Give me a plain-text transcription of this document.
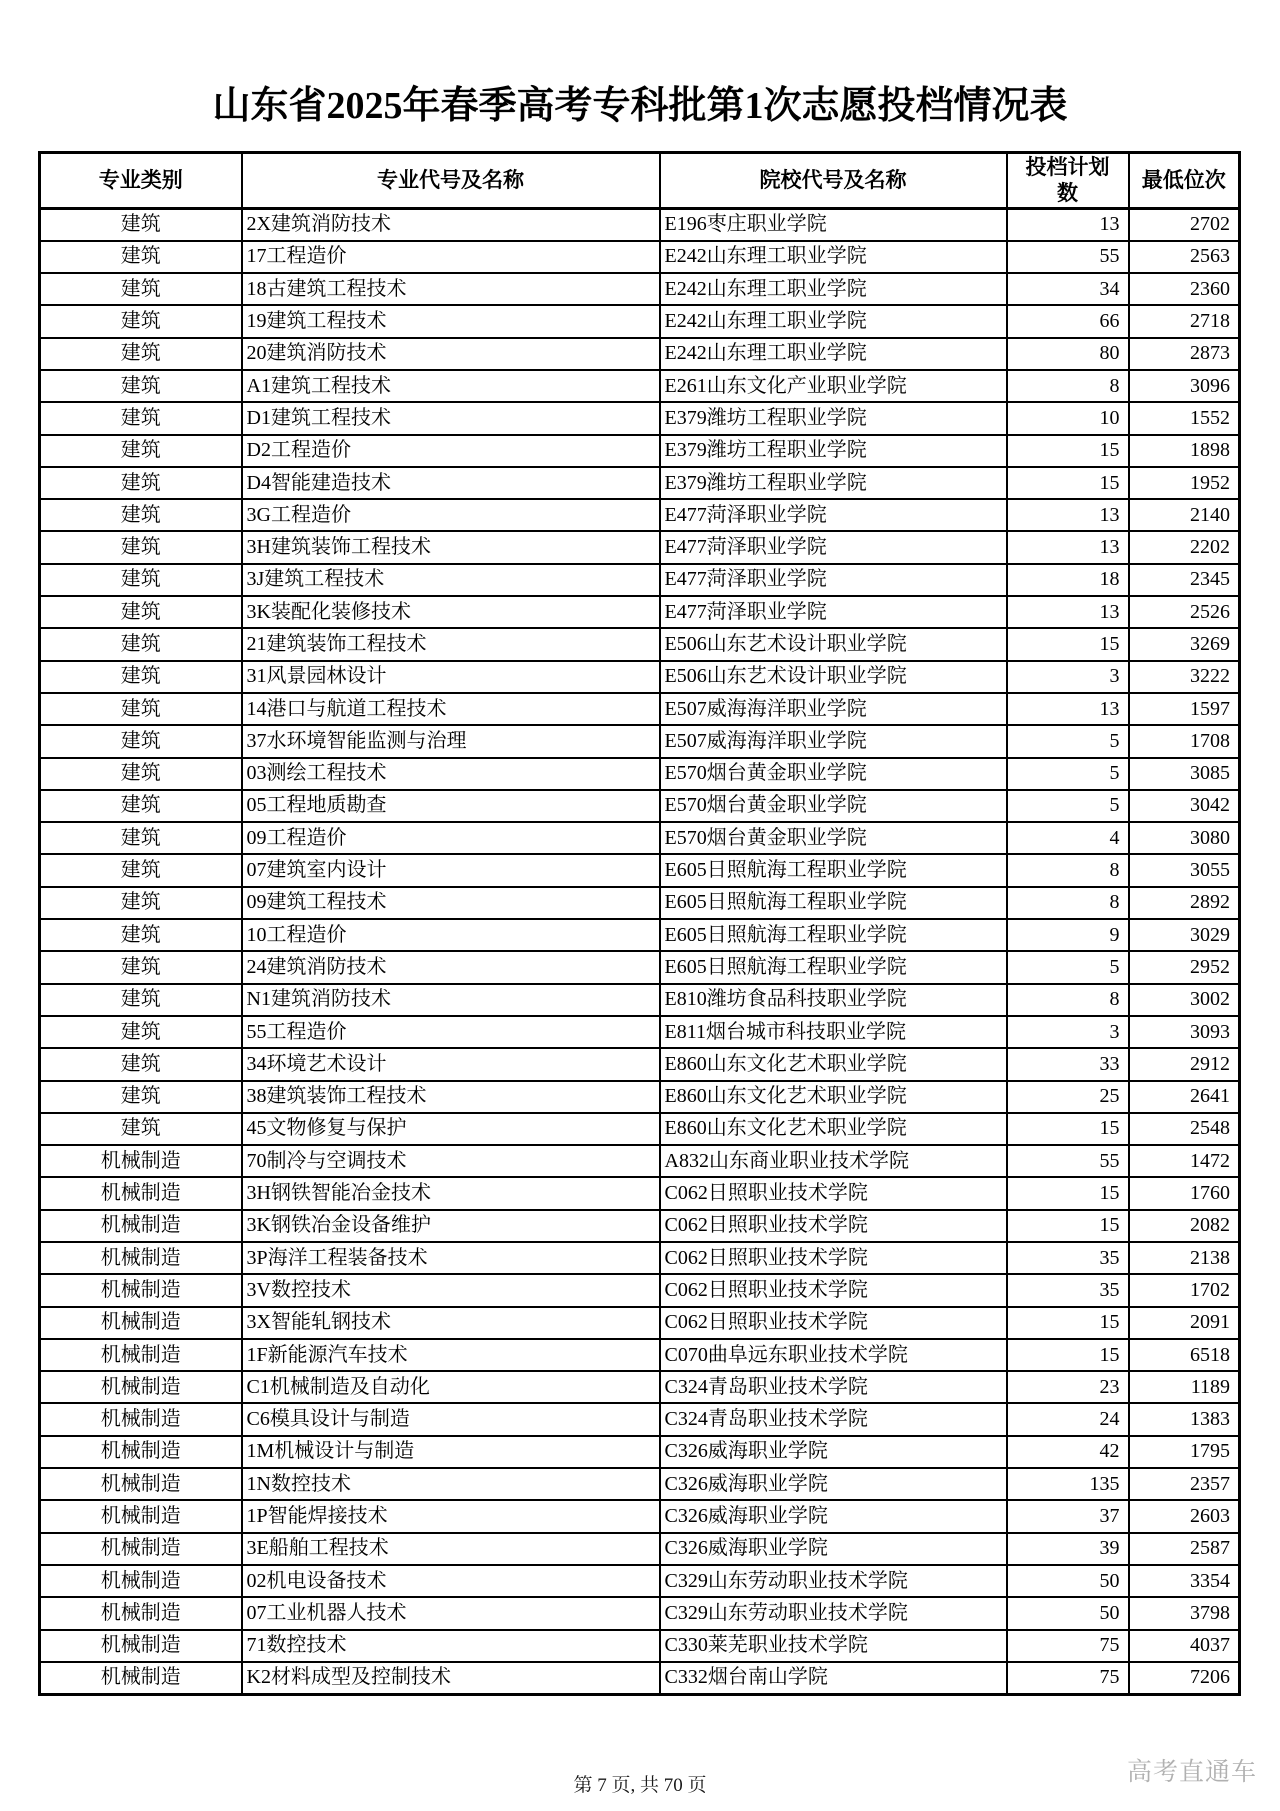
山东省2025年春季高考专科批第1次志愿投档情况表
专业类别	专业代号及名称	院校代号及名称	投档计划数	最低位次
建筑	2X建筑消防技术	E196枣庄职业学院	13	2702
建筑	17工程造价	E242山东理工职业学院	55	2563
建筑	18古建筑工程技术	E242山东理工职业学院	34	2360
建筑	19建筑工程技术	E242山东理工职业学院	66	2718
建筑	20建筑消防技术	E242山东理工职业学院	80	2873
建筑	A1建筑工程技术	E261山东文化产业职业学院	8	3096
建筑	D1建筑工程技术	E379潍坊工程职业学院	10	1552
建筑	D2工程造价	E379潍坊工程职业学院	15	1898
建筑	D4智能建造技术	E379潍坊工程职业学院	15	1952
建筑	3G工程造价	E477菏泽职业学院	13	2140
建筑	3H建筑装饰工程技术	E477菏泽职业学院	13	2202
建筑	3J建筑工程技术	E477菏泽职业学院	18	2345
建筑	3K装配化装修技术	E477菏泽职业学院	13	2526
建筑	21建筑装饰工程技术	E506山东艺术设计职业学院	15	3269
建筑	31风景园林设计	E506山东艺术设计职业学院	3	3222
建筑	14港口与航道工程技术	E507威海海洋职业学院	13	1597
建筑	37水环境智能监测与治理	E507威海海洋职业学院	5	1708
建筑	03测绘工程技术	E570烟台黄金职业学院	5	3085
建筑	05工程地质勘查	E570烟台黄金职业学院	5	3042
建筑	09工程造价	E570烟台黄金职业学院	4	3080
建筑	07建筑室内设计	E605日照航海工程职业学院	8	3055
建筑	09建筑工程技术	E605日照航海工程职业学院	8	2892
建筑	10工程造价	E605日照航海工程职业学院	9	3029
建筑	24建筑消防技术	E605日照航海工程职业学院	5	2952
建筑	N1建筑消防技术	E810潍坊食品科技职业学院	8	3002
建筑	55工程造价	E811烟台城市科技职业学院	3	3093
建筑	34环境艺术设计	E860山东文化艺术职业学院	33	2912
建筑	38建筑装饰工程技术	E860山东文化艺术职业学院	25	2641
建筑	45文物修复与保护	E860山东文化艺术职业学院	15	2548
机械制造	70制冷与空调技术	A832山东商业职业技术学院	55	1472
机械制造	3H钢铁智能冶金技术	C062日照职业技术学院	15	1760
机械制造	3K钢铁冶金设备维护	C062日照职业技术学院	15	2082
机械制造	3P海洋工程装备技术	C062日照职业技术学院	35	2138
机械制造	3V数控技术	C062日照职业技术学院	35	1702
机械制造	3X智能轧钢技术	C062日照职业技术学院	15	2091
机械制造	1F新能源汽车技术	C070曲阜远东职业技术学院	15	6518
机械制造	C1机械制造及自动化	C324青岛职业技术学院	23	1189
机械制造	C6模具设计与制造	C324青岛职业技术学院	24	1383
机械制造	1M机械设计与制造	C326威海职业学院	42	1795
机械制造	1N数控技术	C326威海职业学院	135	2357
机械制造	1P智能焊接技术	C326威海职业学院	37	2603
机械制造	3E船舶工程技术	C326威海职业学院	39	2587
机械制造	02机电设备技术	C329山东劳动职业技术学院	50	3354
机械制造	07工业机器人技术	C329山东劳动职业技术学院	50	3798
机械制造	71数控技术	C330莱芜职业技术学院	75	4037
机械制造	K2材料成型及控制技术	C332烟台南山学院	75	7206
第 7 页, 共 70 页	高考直通车
